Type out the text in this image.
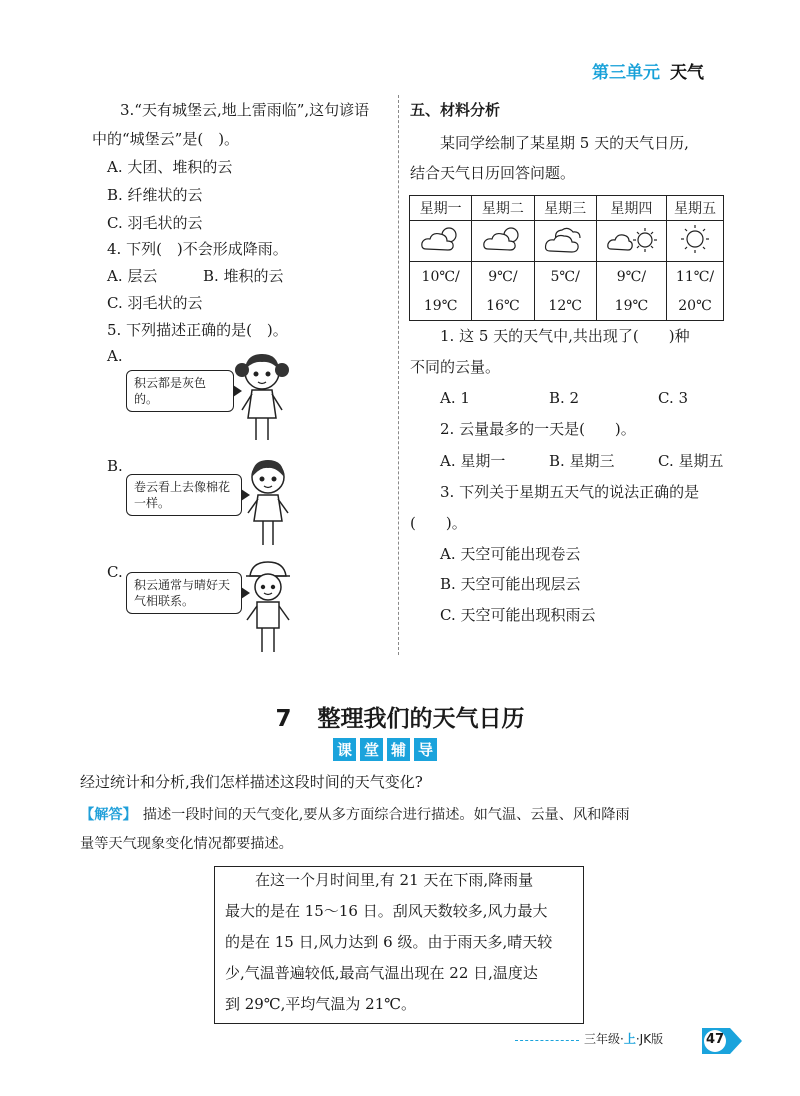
第三单元 天气
3.“天有城堡云,地上雷雨临”,这句谚语
中的“城堡云”是(　)。
A. 大团、堆积的云
B. 纤维状的云
C. 羽毛状的云
4. 下列(　)不会形成降雨。
A. 层云	B. 堆积的云
C. 羽毛状的云
5. 下列描述正确的是(　)。
A.
积云都是灰色的。
B.
卷云看上去像棉花一样。
C.
积云通常与晴好天气相联系。
五、材料分析
某同学绘制了某星期 5 天的天气日历,
结合天气日历回答问题。
星期一	星期二	星期三	星期四	星期五

10℃/	9℃/	5℃/	9℃/	11℃/
19℃	16℃	12℃	19℃	20℃
1. 这 5 天的天气中,共出现了(　　)种
不同的云量。
A. 1	B. 2	C. 3
2. 云量最多的一天是(　　)。
A. 星期一	B. 星期三	C. 星期五
3. 下列关于星期五天气的说法正确的是
(　　)。
A. 天空可能出现卷云
B. 天空可能出现层云
C. 天空可能出现积雨云
7 整理我们的天气日历
课 堂 辅 导
经过统计和分析,我们怎样描述这段时间的天气变化?
【解答】 描述一段时间的天气变化,要从多方面综合进行描述。如气温、云量、风和降雨
量等天气现象变化情况都要描述。

　　在这一个月时间里,有 21 天在下雨,降雨量

最大的是在 15～16 日。刮风天数较多,风力最大

的是在 15 日,风力达到 6 级。由于雨天多,晴天较

少,气温普遍较低,最高气温出现在 22 日,温度达

到 29℃,平均气温为 21℃。

三年级·上·JK版	47
